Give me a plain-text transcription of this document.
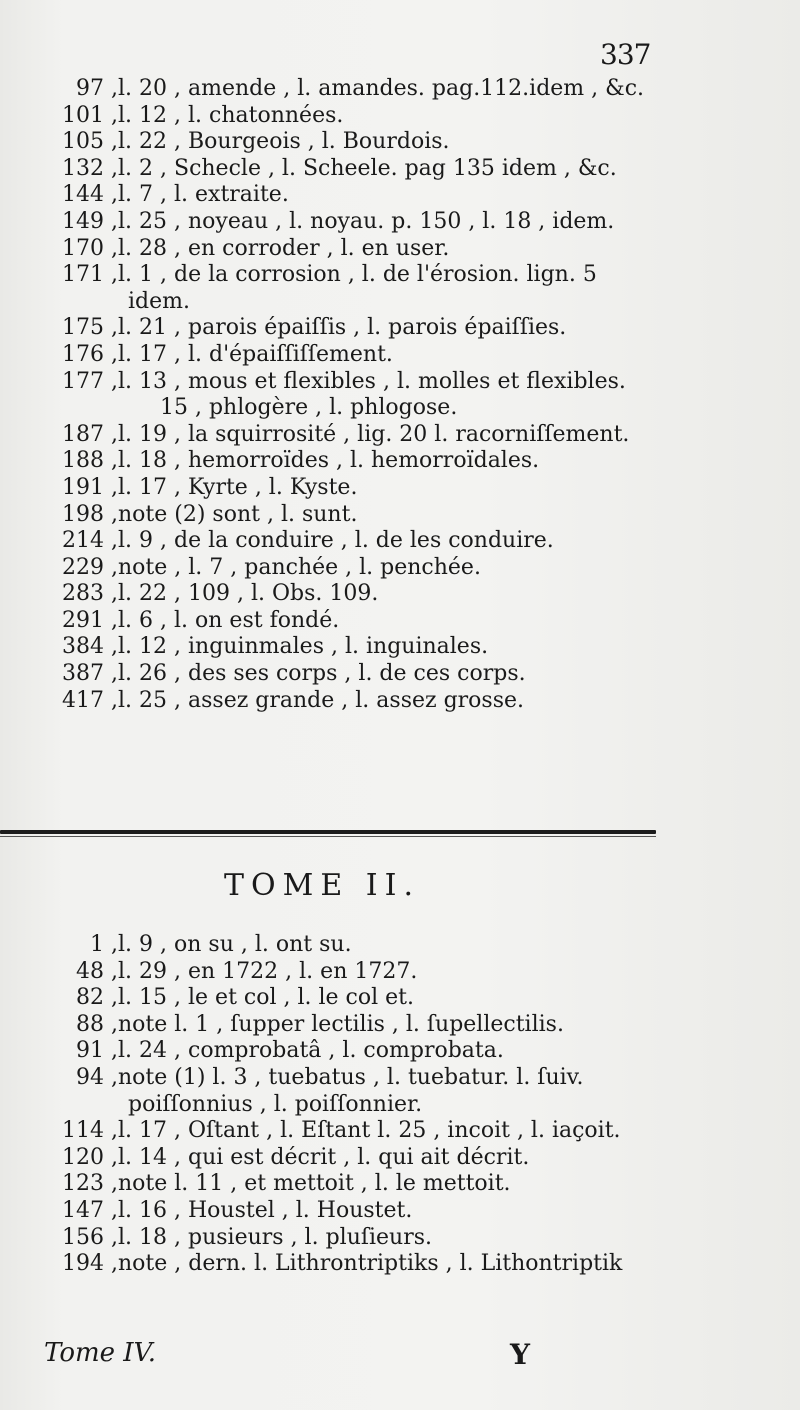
337
97 , l. 20 , amende , l. amandes. pag.112.idem , &c.
101 , l. 12 , l. chatonnées.
105 , l. 22 , Bourgeois , l. Bourdois.
132 , l. 2 , Schecle , l. Scheele. pag 135 idem , &c.
144 , l. 7 , l. extraite.
149 , l. 25 , noyeau , l. noyau. p. 150 , l. 18 , idem.
170 , l. 28 , en corroder , l. en user.
171 , l. 1 , de la corrosion , l. de l'érosion. lign. 5
idem.
175 , l. 21 , parois épaiſſis , l. parois épaiſſies.
176 , l. 17 , l. d'épaiſſiſſement.
177 , l. 13 , mous et flexibles , l. molles et flexibles.
15 , phlogère , l. phlogose.
187 , l. 19 , la squirrosité , lig. 20 l. racorniſſement.
188 , l. 18 , hemorroïdes , l. hemorroïdales.
191 , l. 17 , Kyrte , l. Kyste.
198 , note (2) sont , l. sunt.
214 , l. 9 , de la conduire , l. de les conduire.
229 , note , l. 7 , panchée , l. penchée.
283 , l. 22 , 109 , l. Obs. 109.
291 , l. 6 , l. on est fondé.
384 , l. 12 , inguinmales , l. inguinales.
387 , l. 26 , des ses corps , l. de ces corps.
417 , l. 25 , assez grande , l. assez grosse.
TOME II.
1 , l. 9 , on su , l. ont su.
48 , l. 29 , en 1722 , l. en 1727.
82 , l. 15 , le et col , l. le col et.
88 , note l. 1 , ſupper lectilis , l. ſupellectilis.
91 , l. 24 , comprobatâ , l. comprobata.
94 , note (1) l. 3 , tuebatus , l. tuebatur. l. ſuiv.
poiſſonnius , l. poiſſonnier.
114 , l. 17 , Oſtant , l. Eſtant l. 25 , incoit , l. iaçoit.
120 , l. 14 , qui est décrit , l. qui ait décrit.
123 , note l. 11 , et mettoit , l. le mettoit.
147 , l. 16 , Houstel , l. Houstet.
156 , l. 18 , pusieurs , l. pluſieurs.
194 , note , dern. l. Lithrontriptiks , l. Lithontriptik
Tome IV.	Y
